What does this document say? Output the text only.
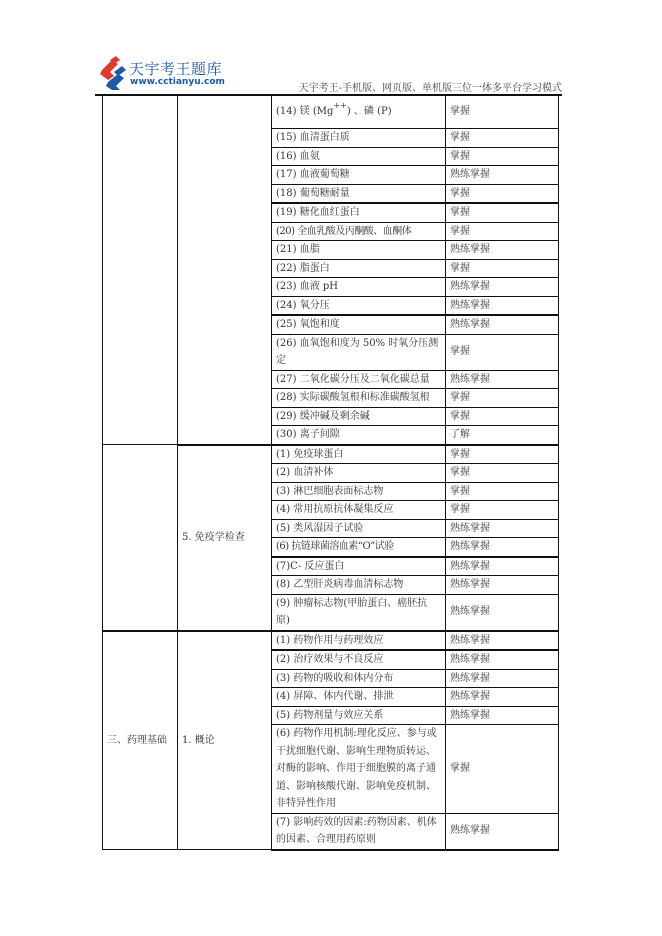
天宇考王题库
www.cctianyu.com
天宇考王-手机版、网页版、单机版三位一体多平台学习模式
		(14) 镁 (Mg++) 、磷 (P)	掌握
		(15) 血清蛋白质	掌握
		(16) 血氨	掌握
		(17) 血液葡萄糖	熟练掌握
		(18) 葡萄糖耐量	掌握
		(19) 糖化血红蛋白	掌握
		(20) 全血乳酸及丙酮酸、血酮体	掌握
		(21) 血脂	熟练掌握
		(22) 脂蛋白	掌握
		(23) 血液 pH	熟练掌握
		(24) 氧分压	熟练掌握
		(25) 氧饱和度	熟练掌握
		(26) 血氧饱和度为 50% 时氧分压测定	掌握
		(27) 二氧化碳分压及二氧化碳总量	熟练掌握
		(28) 实际碳酸氢根和标准碳酸氢根	掌握
		(29) 缓冲碱及剩余碱	掌握
		(30) 离子间隙	了解
	5. 免疫学检查	(1) 免疫球蛋白	掌握
		(2) 血清补体	掌握
		(3) 淋巴细胞表面标志物	掌握
		(4) 常用抗原抗体凝集反应	掌握
		(5) 类风湿因子试验	熟练掌握
		(6) 抗链球菌溶血素“O”试验	熟练掌握
		(7)C- 反应蛋白	熟练掌握
		(8) 乙型肝炎病毒血清标志物	熟练掌握
		(9) 肿瘤标志物(甲胎蛋白、癌胚抗原)	熟练掌握
三、药理基础	1. 概论	(1) 药物作用与药理效应	熟练掌握
		(2) 治疗效果与不良反应	熟练掌握
		(3) 药物的吸收和体内分布	熟练掌握
		(4) 屏障、体内代谢、排泄	熟练掌握
		(5) 药物剂量与效应关系	熟练掌握
		(6) 药物作用机制:理化反应、参与或干扰细胞代谢、影响生理物质转运、对酶的影响、作用于细胞膜的离子通道、影响核酸代谢、影响免疫机制、非特异性作用	掌握
		(7) 影响药效的因素:药物因素、机体的因素、合理用药原则	熟练掌握
